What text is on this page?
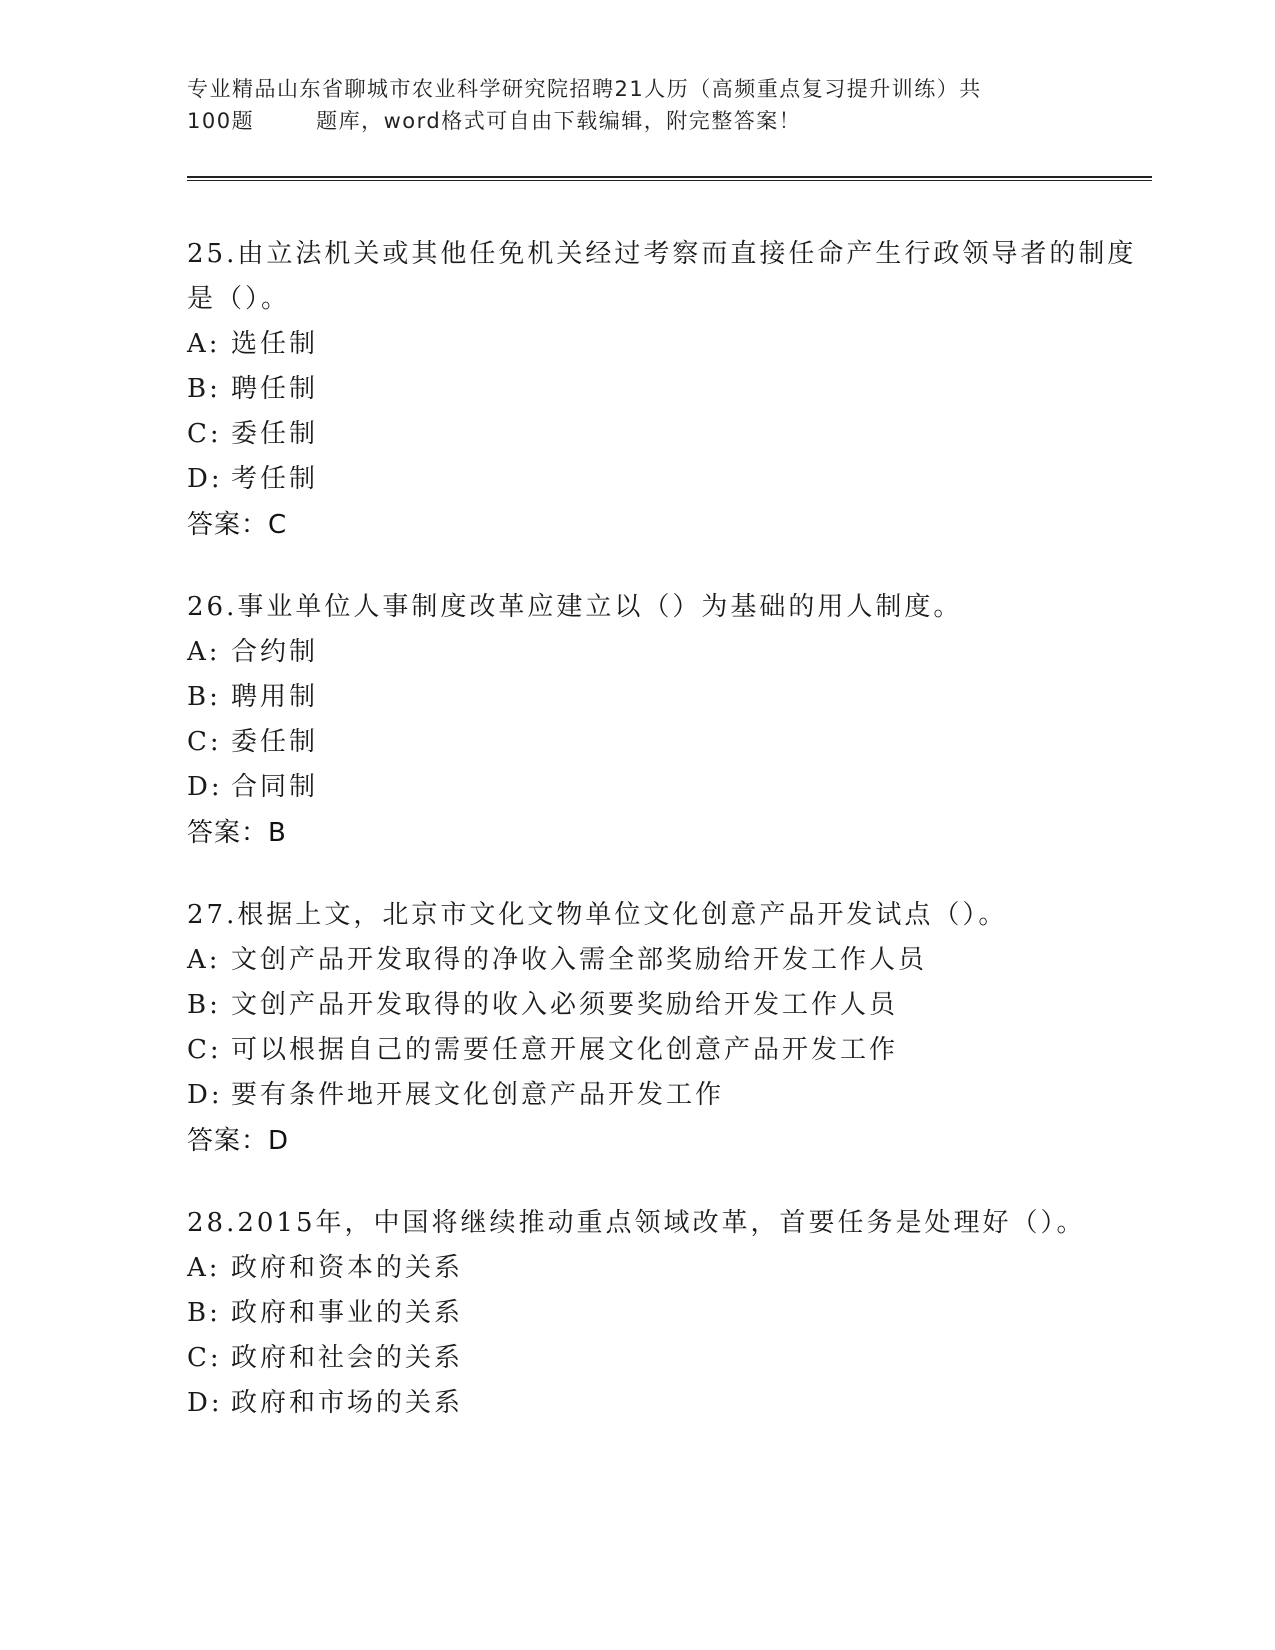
专业精品山东省聊城市农业科学研究院招聘21人历（高频重点复习提升训练）共
100题	题库，word格式可自由下载编辑，附完整答案！
25.由立法机关或其他任免机关经过考察而直接任命产生行政领导者的制度是（）。
A: 选任制
B: 聘任制
C: 委任制
D: 考任制
答案：C
26.事业单位人事制度改革应建立以（）为基础的用人制度。
A: 合约制
B: 聘用制
C: 委任制
D: 合同制
答案：B
27.根据上文，北京市文化文物单位文化创意产品开发试点（）。
A: 文创产品开发取得的净收入需全部奖励给开发工作人员
B: 文创产品开发取得的收入必须要奖励给开发工作人员
C: 可以根据自己的需要任意开展文化创意产品开发工作
D: 要有条件地开展文化创意产品开发工作
答案：D
28.2015年，中国将继续推动重点领域改革，首要任务是处理好（）。
A: 政府和资本的关系
B: 政府和事业的关系
C: 政府和社会的关系
D: 政府和市场的关系
